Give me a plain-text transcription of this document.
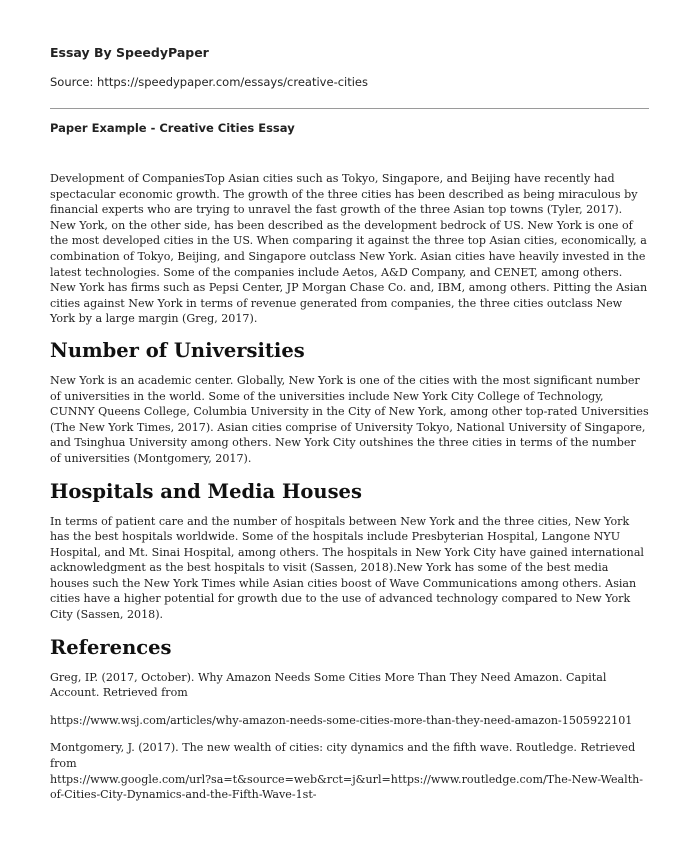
Essay By SpeedyPaper

Source: https://speedypaper.com/essays/creative-cities

Paper Example - Creative Cities Essay

Development of CompaniesTop Asian cities such as Tokyo, Singapore, and Beijing have recently had spectacular economic growth. The growth of the three cities has been described as being miraculous by financial experts who are trying to unravel the fast growth of the three Asian top towns (Tyler, 2017). New York, on the other side, has been described as the development bedrock of US. New York is one of the most developed cities in the US. When comparing it against the three top Asian cities, economically, a combination of Tokyo, Beijing, and Singapore outclass New York. Asian cities have heavily invested in the latest technologies. Some of the companies include Aetos, A&D Company, and CENET, among others. New York has firms such as Pepsi Center, JP Morgan Chase Co. and, IBM, among others. Pitting the Asian cities against New York in terms of revenue generated from companies, the three cities outclass New York by a large margin (Greg, 2017).

Number of Universities

New York is an academic center. Globally, New York is one of the cities with the most significant number of universities in the world. Some of the universities include New York City College of Technology, CUNNY Queens College, Columbia University in the City of New York, among other top-rated Universities (The New York Times, 2017). Asian cities comprise of University Tokyo, National University of Singapore, and Tsinghua University among others. New York City outshines the three cities in terms of the number of universities (Montgomery, 2017).

Hospitals and Media Houses

In terms of patient care and the number of hospitals between New York and the three cities, New York has the best hospitals worldwide. Some of the hospitals include Presbyterian Hospital, Langone NYU Hospital, and Mt. Sinai Hospital, among others. The hospitals in New York City have gained international acknowledgment as the best hospitals to visit (Sassen, 2018).New York has some of the best media houses such the New York Times while Asian cities boost of Wave Communications among others. Asian cities have a higher potential for growth due to the use of advanced technology compared to New York City (Sassen, 2018).

References

Greg, IP. (2017, October). Why Amazon Needs Some Cities More Than They Need Amazon. Capital Account. Retrieved from

https://www.wsj.com/articles/why-amazon-needs-some-cities-more-than-they-need-amazon-1505922101

Montgomery, J. (2017). The new wealth of cities: city dynamics and the fifth wave. Routledge. Retrieved from

https://www.google.com/url?sa=t&source=web&rct=j&url=https://www.routledge.com/The-New-Wealth-of-Cities-City-Dynamics-and-the-Fifth-Wave-1st-
